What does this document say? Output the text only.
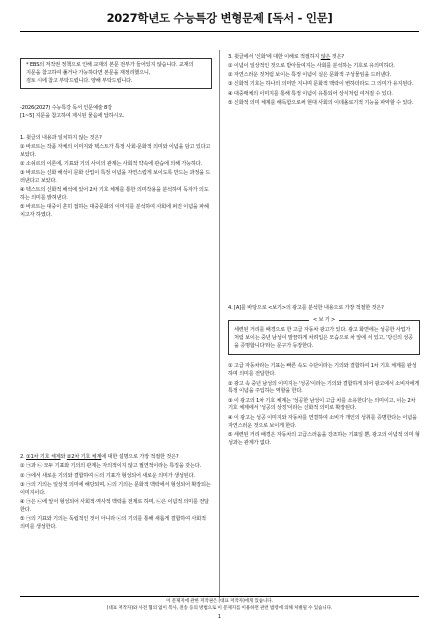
2027학년도 수능특강 변형문제 [독서 - 인문]

* EBS의 저작권 정책으로 인해 교재의 본문 전부가 들어있지 않습니다. 교재의

지문을 참고하여 풀거나 가능하다면 본문을 재정리했으니,

검토 시에 참고 부탁드립니다. 양해 부탁드립니다.

-2026(2027) 수능특강 독서 인문예술 8강

[1~5] 지문을 참고하여 제시된 물음에 답하시오.

1. 윗글의 내용과 일치하지 않는 것은?

① 바르트는 작품 자체의 이미지와 텍스트가 특정 사회·문화적 의미와 이념을 담고 있다고 보았다.
② 소쉬르의 이론에, 기표와 기의 사이의 관계는 사회적 약속에 관습에 의해 가능하다.
③ 바르트는 신화 해석이 문화 산업이 특정 이념을 자연스럽게 보이도록 만드는 과정을 드러낸다고 보았다.
④ 텍스트의 신화적 해석에 있어 2차 기호 체계를 통한 의미작용을 분석하여 독자가 의도하는 의미를 밝혀낸다.
⑤ 바르트는 대중이 흔히 접하는 대중문화의 이미지를 분석하여 사회에 퍼진 이념을 파헤치고자 하였다.

2. ①1차 기호 체계와 ②2차 기호 체계에 대한 설명으로 가장 적절한 것은?

① ㉠과 ㉡ 모두 기표와 기의의 관계는 자의적이지 않고 필연적이라는 특징을 갖는다.
② ㉠에서 새로운 기의와 결합하여 ㉡의 기표가 형성되어 새로운 의미가 생성된다.
③ ㉠의 기의는 일상적 의미에 해당되며, ㉡의 기의는 문화적 맥락에서 형성되어 확장되는 이미지이다.
④ ㉠은 ㉡에 앞서 형성되어 사회적·역사적 맥락을 전제로 하며, ㉡은 이념적 의미를 전달한다.
⑤ ㉠의 기표와 기의는 독립적인 것이 아니라 ㉡의 기의를 통해 새롭게 결합하여 사회적 의미를 생성한다.

3. 윗글에서 '신화'에 대한 이해로 적절하지 않은 것은?

① 이념이 일상적인 것으로 받아들여지는 사회를 분석하는 기호로 유의미하다.
② 자연스러운 것처럼 보이는 특정 이념이 실은 문화적 구성물임을 드러낸다.
③ 신화적 기호는 하나의 의미만 지니며 문화적 맥락이 변하더라도 그 의미가 유지된다.
④ 대중매체의 이미지를 통해 특정 이념이 유통되어 상식처럼 여겨질 수 있다.
⑤ 신화적 의미 체계를 해독함으로써 현대 사회의 이데올로기적 기능을 파악할 수 있다.

4. [A]를 바탕으로 <보기>의 광고를 분석한 내용으로 가장 적절한 것은?

< 보 기 >

세련된 거리를 배경으로 한 고급 자동차 광고가 있다. 광고 화면에는 성공한 사업가처럼 보이는 중년 남성이 말끔하게 차려입은 모습으로 차 앞에 서 있고, '당신의 성공을 증명합니다'라는 문구가 등장한다.

① 고급 자동차라는 기표는 빠른 속도 수단이라는 기의와 결합하여 1차 기호 체계를 완성하며 의미를 전달한다.
② 광고 속 중년 남성의 이미지는 '성공'이라는 기의와 결합하게 되어 광고에서 소비자에게 특정 이념을 주입하는 역할을 한다.
③ 이 광고의 1차 기호 체계는 '성공한 남성이 고급 차를 소유한다'는 의미이고, 이는 2차 기호 체계에서 '성공의 상징'이라는 신화적 의미로 확장된다.
④ 이 광고는 성공 이미지와 자동차를 연결하여 소비가 개인의 성취를 증명한다는 이념을 자연스러운 것으로 보이게 한다.
⑤ 세련된 거리 배경은 자동차의 고급스러움을 강조하는 기표일 뿐, 광고의 이념적 의미 형성과는 관계가 없다.
이 문제지에 관한 저작권은 [대표 저작자]에게 있습니다.
[대표 저작자]와 사전 협의 없이 복사, 전송 등의 방법으로 이 문제지를 이용하면 관련 법령에 의해 처벌될 수 있습니다.
1
